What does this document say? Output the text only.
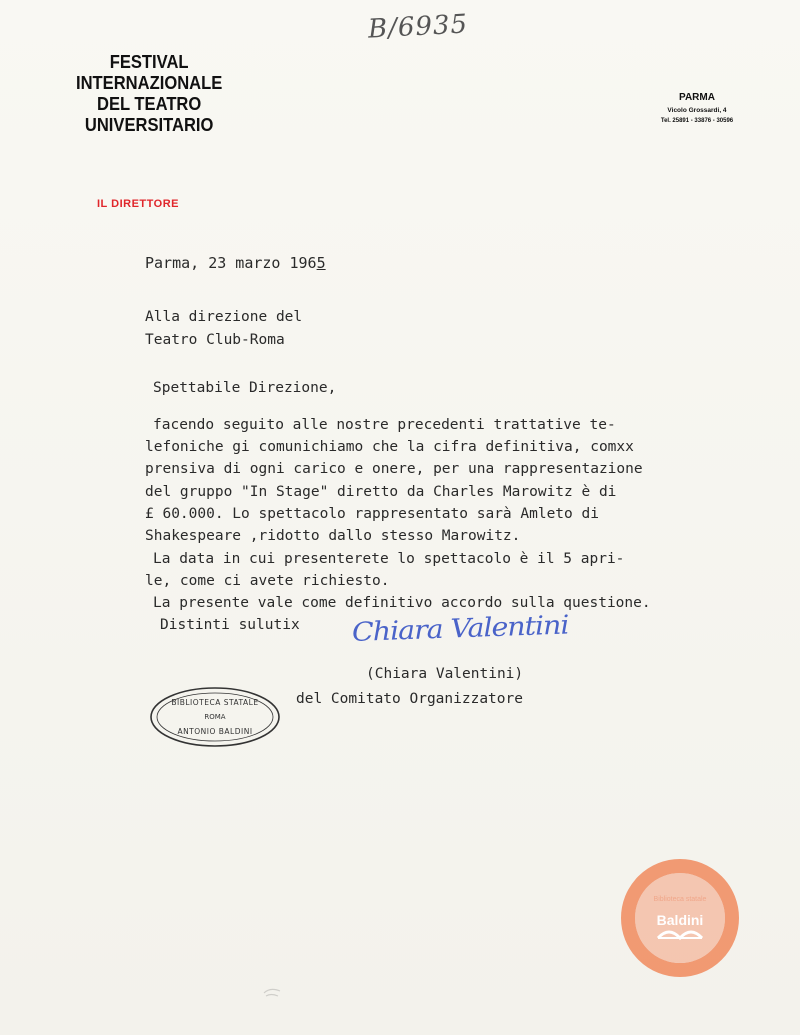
B/6935
FESTIVAL
INTERNAZIONALE
DEL TEATRO
UNIVERSITARIO
PARMA
Vicolo Grossardi, 4
Tel. 25891 - 33876 - 30596
IL DIRETTORE
Parma, 23 marzo 1965
Alla direzione del
Teatro Club-Roma
Spettabile Direzione,
facendo seguito alle nostre precedenti trattative te-
lefoniche gi comunichiamo che la cifra definitiva, comxx
prensiva di ogni carico e onere, per una rappresentazione
del gruppo "In Stage" diretto da Charles Marowitz è di
£ 60.000. Lo spettacolo rappresentato sarà Amleto di
Shakespeare ,ridotto dallo stesso Marowitz.
La data in cui presenterete lo spettacolo è il 5 apri-
le, come ci avete richiesto.
La presente vale come definitivo accordo sulla questione.
Distinti sulutix Chiara Valentini
(Chiara Valentini)
del Comitato Organizzatore
BIBLIOTECA STATALE
ROMA
ANTONIO BALDINI
Biblioteca statale
Baldini
